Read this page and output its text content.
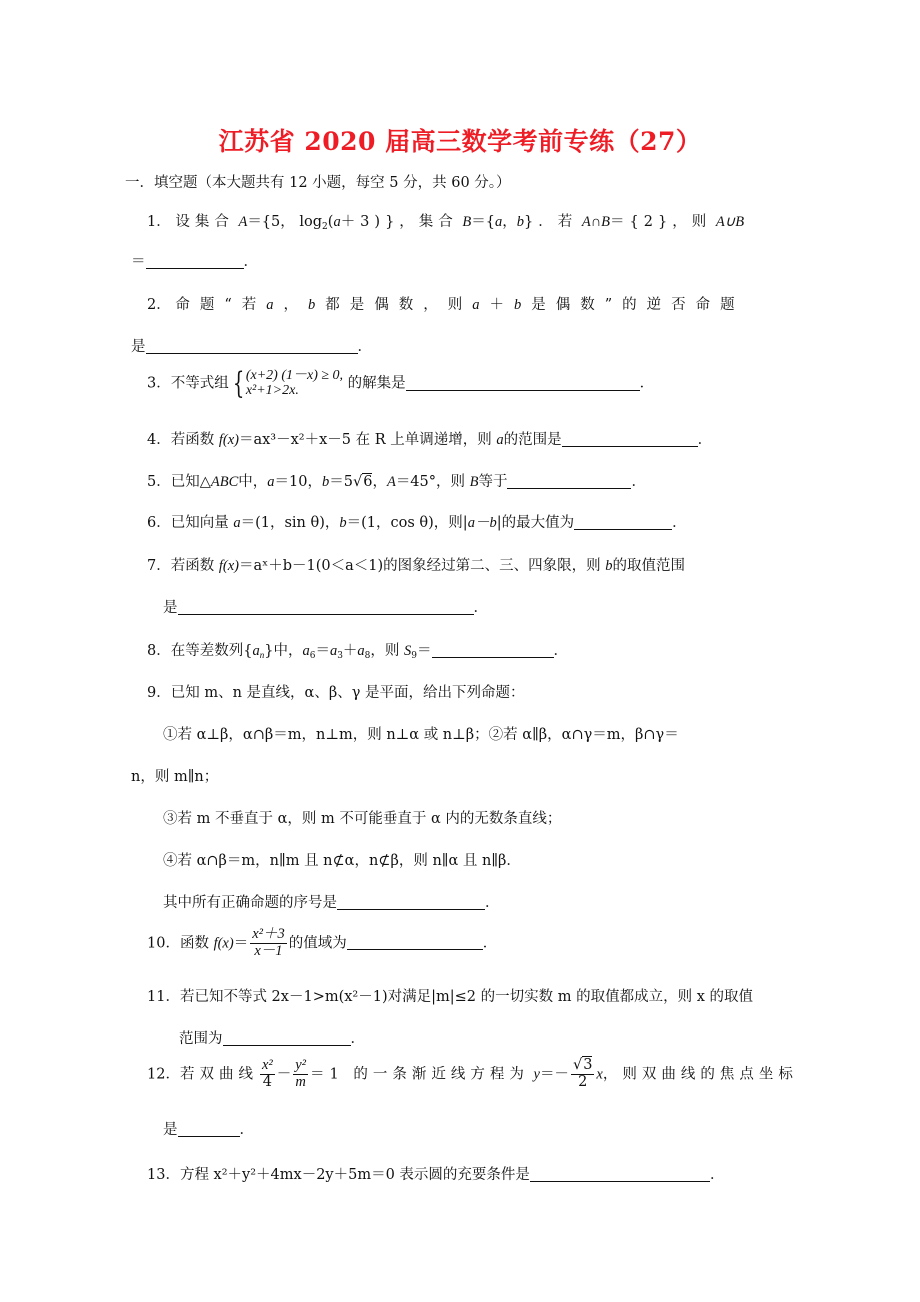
江苏省 2020 届高三数学考前专练（27）
一．填空题（本大题共有 12 小题，每空 5 分，共 60 分。）
1． 设集合 A＝{5， $\log_2(a+3)$}，集合 B＝{a，b}．若 A∩B＝{2}，则 A∪B
＝	．
2． 命题“若a，b都是偶数，则a＋b是偶数”的逆否命题
是	．
3．不等式组 { (x+2) (1－x) ≥ 0,
x²+1>2x.	的解集是	．
4．若函数 f(x)＝ax³－x²＋x－5 在 R 上单调递增，则 a的范围是	．
5．已知△ABC中，a＝10，b＝5√6，A＝45°，则 B等于	．
6．已知向量 a＝(1，sin θ)，b＝(1，cos θ)，则|a－b|的最大值为	．
7．若函数 f(x)＝aˣ＋b－1(0＜a＜1)的图象经过第二、三、四象限，则 b的取值范围
是	．
8．在等差数列$\{a_n\}$中，$a_6=a_3+a_8$，则 $S_9=$	．
9．已知 m、n 是直线，α、β、γ 是平面，给出下列命题：
①若 α⊥β，α∩β＝m，n⊥m，则 n⊥α 或 n⊥β；②若 α∥β，α∩γ＝m，β∩γ＝
n，则 m∥n；
③若 m 不垂直于 α，则 m 不可能垂直于 α 内的无数条直线；
④若 α∩β＝m，n∥m 且 n⊄α，n⊄β，则 n∥α 且 n∥β．
其中所有正确命题的序号是	．
10．函数 $f(x)= \frac{\text{x²＋3}}{x-1}$ 的值域为	．
11．若已知不等式 2x－1>m(x²－1)对满足|m|≤2 的一切实数 m 的取值都成立，则 x 的取值
范围为	．
12．若双曲线 $\frac{\text{x²}}{4} - \frac{\text{y²}}{m} =1$ 的一条渐近线方程为 $y=- \frac{√3}{2}$ x，则双曲线的焦点坐标
是	．
13．方程 x²＋y²＋4mx－2y＋5m＝0 表示圆的充要条件是	．
